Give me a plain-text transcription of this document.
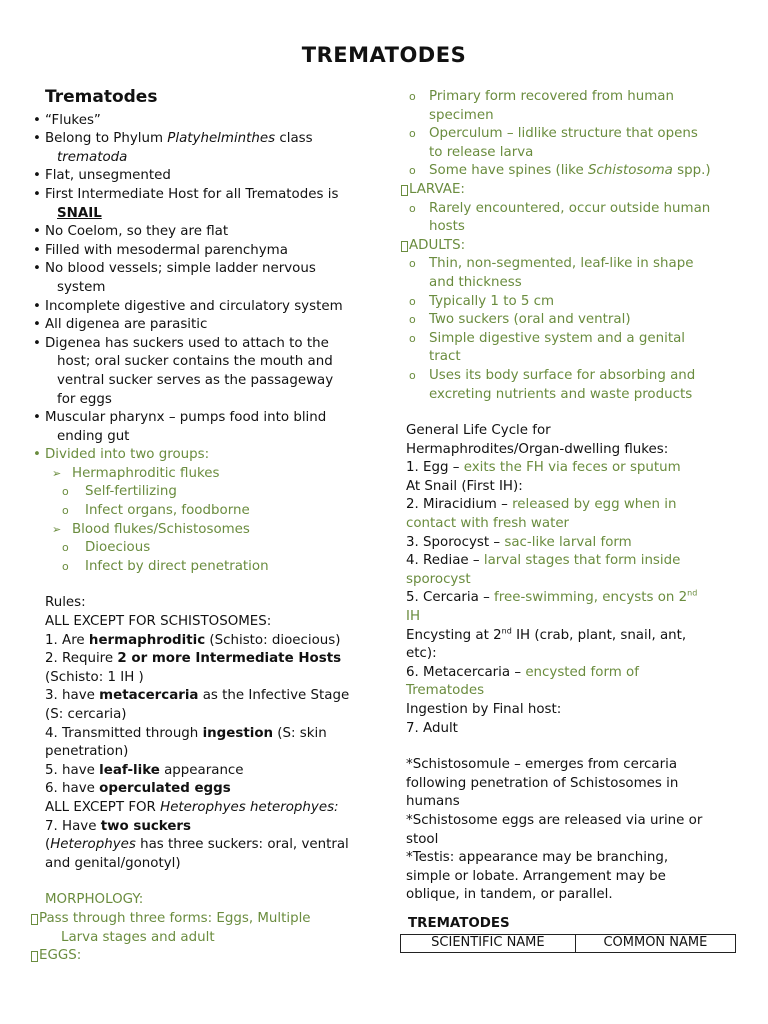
TREMATODES
Trematodes
• “Flukes”
• Belong to Phylum Platyhelminthes class
trematoda
• Flat, unsegmented
• First Intermediate Host for all Trematodes is
SNAIL
• No Coelom, so they are flat
• Filled with mesodermal parenchyma
• No blood vessels; simple ladder nervous
system
• Incomplete digestive and circulatory system
• All digenea are parasitic
• Digenea has suckers used to attach to the
host; oral sucker contains the mouth and
ventral sucker serves as the passageway
for eggs
• Muscular pharynx – pumps food into blind
ending gut
• Divided into two groups:
➢ Hermaphroditic flukes
o Self-fertilizing
o Infect organs, foodborne
➢ Blood flukes/Schistosomes
o Dioecious
o Infect by direct penetration
Rules:
ALL EXCEPT FOR SCHISTOSOMES:
1. Are hermaphroditic (Schisto: dioecious)
2. Require 2 or more Intermediate Hosts
(Schisto: 1 IH )
3. have metacercaria as the Infective Stage
(S: cercaria)
4. Transmitted through ingestion (S: skin
penetration)
5. have leaf-like appearance
6. have operculated eggs
ALL EXCEPT FOR Heterophyes heterophyes:
7. Have two suckers
(Heterophyes has three suckers: oral, ventral
and genital/gonotyl)
MORPHOLOGY:
Pass through three forms: Eggs, Multiple
Larva stages and adult
EGGS:
o Primary form recovered from human
specimen
o Operculum – lidlike structure that opens
to release larva
o Some have spines (like Schistosoma spp.)
LARVAE:
o Rarely encountered, occur outside human
hosts
ADULTS:
o Thin, non-segmented, leaf-like in shape
and thickness
o Typically 1 to 5 cm
o Two suckers (oral and ventral)
o Simple digestive system and a genital
tract
o Uses its body surface for absorbing and
excreting nutrients and waste products
General Life Cycle for
Hermaphrodites/Organ-dwelling flukes:
1. Egg – exits the FH via feces or sputum
At Snail (First IH):
2. Miracidium – released by egg when in
contact with fresh water
3. Sporocyst – sac-like larval form
4. Rediae – larval stages that form inside
sporocyst
5. Cercaria – free-swimming, encysts on 2nd
IH
Encysting at 2nd IH (crab, plant, snail, ant,
etc):
6. Metacercaria – encysted form of
Trematodes
Ingestion by Final host:
7. Adult
*Schistosomule – emerges from cercaria
following penetration of Schistosomes in
humans
*Schistosome eggs are released via urine or
stool
*Testis: appearance may be branching,
simple or lobate. Arrangement may be
oblique, in tandem, or parallel.
TREMATODES
SCIENTIFIC NAME	COMMON NAME
